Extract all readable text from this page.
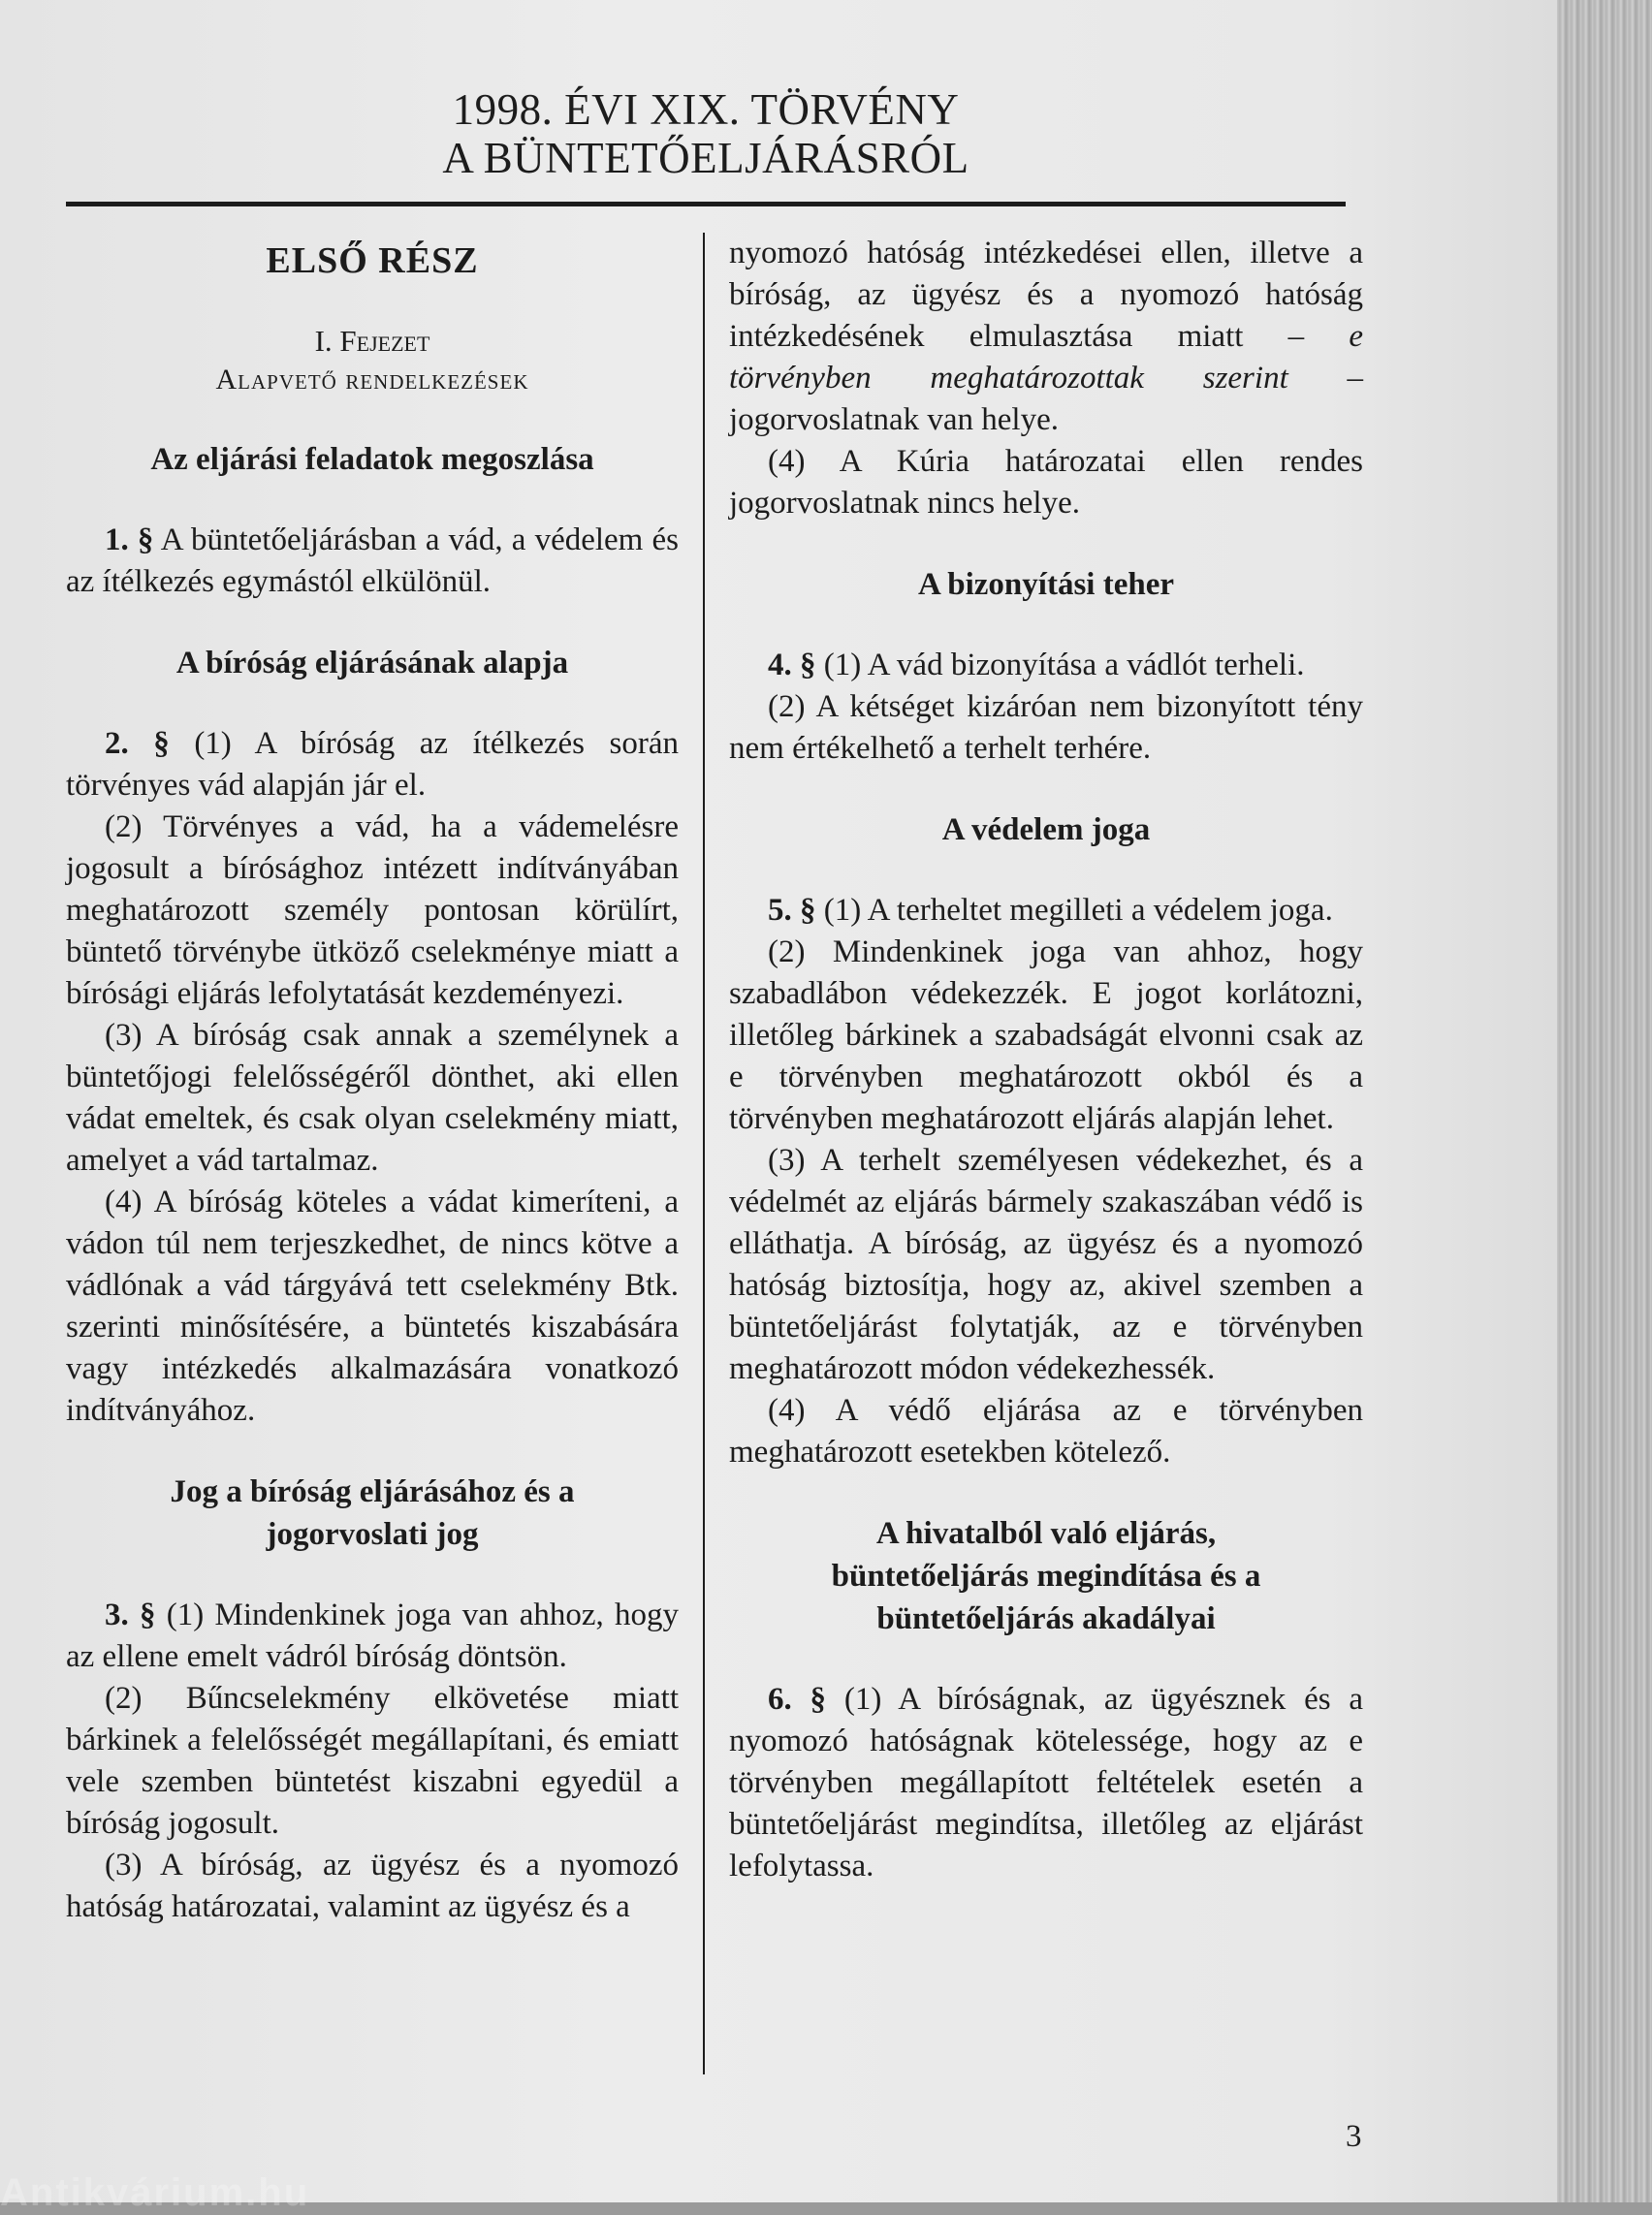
1998. ÉVI XIX. TÖRVÉNY
A BÜNTETŐELJÁRÁSRÓL
ELSŐ RÉSZ
I. Fejezet
Alapvető rendelkezések
Az eljárási feladatok megoszlása

1. § A büntetőeljárásban a vád, a védelem és az ítélkezés egymástól elkülönül.

A bíróság eljárásának alapja

2. § (1) A bíróság az ítélkezés során törvényes vád alapján jár el.

(2) Törvényes a vád, ha a vádemelésre jogosult a bírósághoz intézett indítványában meghatározott személy pontosan körülírt, büntető törvénybe ütköző cselekménye miatt a bírósági eljárás lefolytatását kezdeményezi.

(3) A bíróság csak annak a személynek a büntetőjogi felelősségéről dönthet, aki ellen vádat emeltek, és csak olyan cselekmény miatt, amelyet a vád tartalmaz.

(4) A bíróság köteles a vádat kimeríteni, a vádon túl nem terjeszkedhet, de nincs kötve a vádlónak a vád tárgyává tett cselekmény Btk. szerinti minősítésére, a büntetés kiszabására vagy intézkedés alkalmazására vonatkozó indítványához.

Jog a bíróság eljárásához és a jogorvoslati jog

3. § (1) Mindenkinek joga van ahhoz, hogy az ellene emelt vádról bíróság döntsön.

(2) Bűncselekmény elkövetése miatt bárkinek a felelősségét megállapítani, és emiatt vele szemben büntetést kiszabni egyedül a bíróság jogosult.

(3) A bíróság, az ügyész és a nyomozó hatóság határozatai, valamint az ügyész és a

nyomozó hatóság intézkedései ellen, illetve a bíróság, az ügyész és a nyomozó hatóság intézkedésének elmulasztása miatt – e törvényben meghatározottak szerint – jogorvoslatnak van helye.

(4) A Kúria határozatai ellen rendes jogorvoslatnak nincs helye.

A bizonyítási teher

4. § (1) A vád bizonyítása a vádlót terheli.

(2) A kétséget kizáróan nem bizonyított tény nem értékelhető a terhelt terhére.

A védelem joga

5. § (1) A terheltet megilleti a védelem joga.

(2) Mindenkinek joga van ahhoz, hogy szabadlábon védekezzék. E jogot korlátozni, illetőleg bárkinek a szabadságát elvonni csak az e törvényben meghatározott okból és a törvényben meghatározott eljárás alapján lehet.

(3) A terhelt személyesen védekezhet, és a védelmét az eljárás bármely szakaszában védő is elláthatja. A bíróság, az ügyész és a nyomozó hatóság biztosítja, hogy az, akivel szemben a büntetőeljárást folytatják, az e törvényben meghatározott módon védekezhessék.

(4) A védő eljárása az e törvényben meghatározott esetekben kötelező.

A hivatalból való eljárás, büntetőeljárás megindítása és a büntetőeljárás akadályai

6. § (1) A bíróságnak, az ügyésznek és a nyomozó hatóságnak kötelessége, hogy az e törvényben megállapított feltételek esetén a büntetőeljárást megindítsa, illetőleg az eljárást lefolytassa.

3
Antikvárium.hu
